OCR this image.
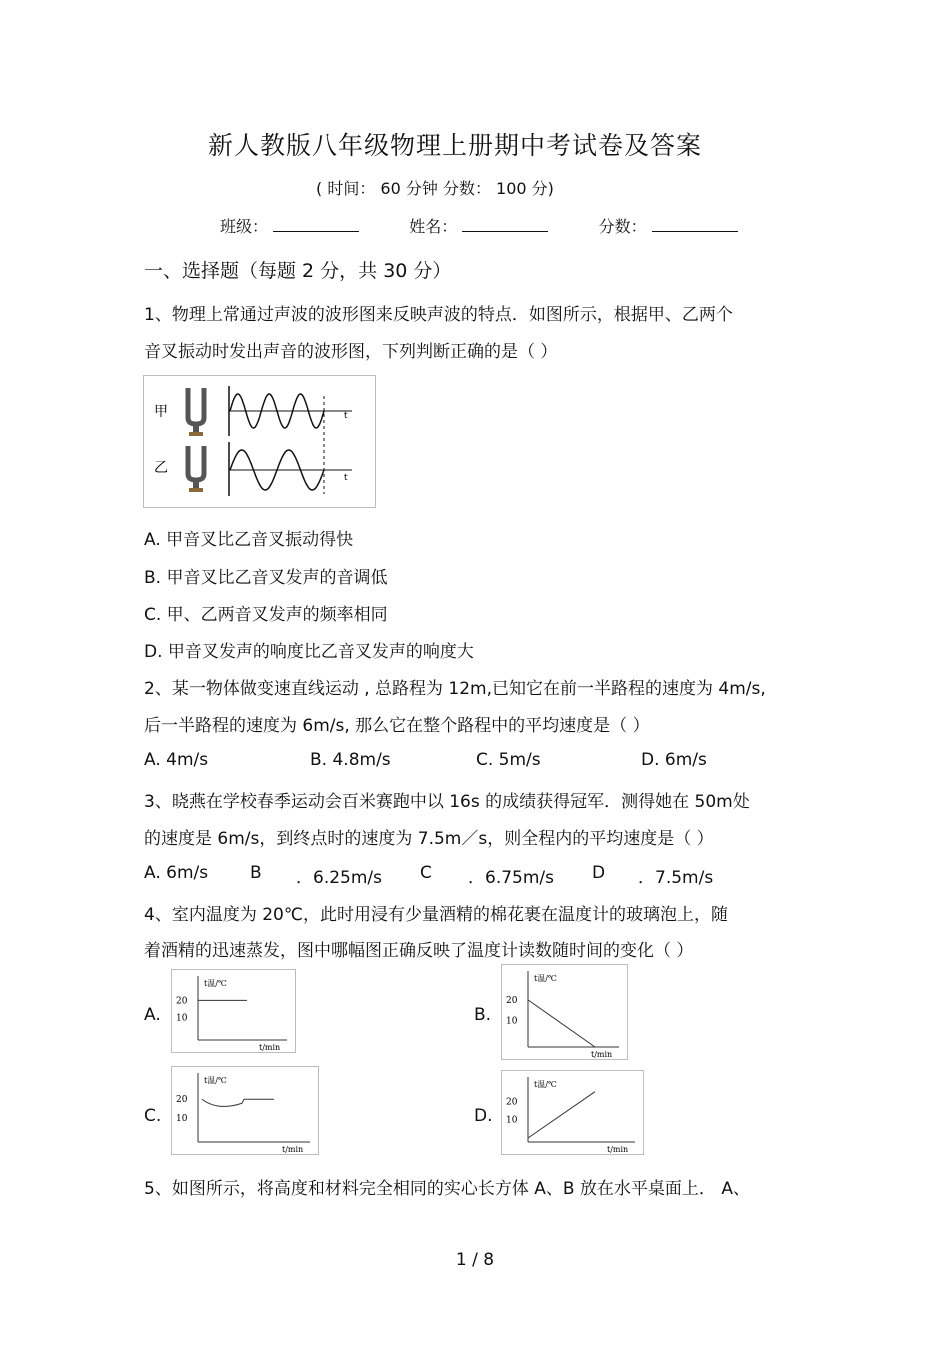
新人教版八年级物理上册期中考试卷及答案
( 时间： 60 分钟 分数： 100 分)
班级：	姓名：	分数：
一、选择题（每题 2 分，共 30 分）
1、物理上常通过声波的波形图来反映声波的特点．如图所示，根据甲、乙两个
音叉振动时发出声音的波形图，下列判断正确的是（ ）
甲
乙
t
t
A. 甲音叉比乙音叉振动得快
B. 甲音叉比乙音叉发声的音调低
C. 甲、乙两音叉发声的频率相同
D. 甲音叉发声的响度比乙音叉发声的响度大
2、某一物体做变速直线运动 , 总路程为 12m,已知它在前一半路程的速度为 4m/s,
后一半路程的速度为 6m/s, 那么它在整个路程中的平均速度是（ ）
A. 4m/s	B. 4.8m/s	C. 5m/s	D. 6m/s
3、晓燕在学校春季运动会百米赛跑中以 16s 的成绩获得冠军．测得她在 50m处
的速度是 6m/s，到终点时的速度为 7.5m／s，则全程内的平均速度是（ ）
A. 6m/s B ．6.25m/s C ．6.75m/s D ．7.5m/s
4、室内温度为 20℃，此时用浸有少量酒精的棉花裹在温度计的玻璃泡上，随
着酒精的迅速蒸发，图中哪幅图正确反映了温度计读数随时间的变化（ ）
A.
t温/℃
t/min
20
10	B.
t温/℃
t/min
20
10
C.
t温/℃
t/min
20
10	D.
t温/℃
t/min
20
10
5、如图所示，将高度和材料完全相同的实心长方体 A、B 放在水平桌面上． A、
1 / 8
